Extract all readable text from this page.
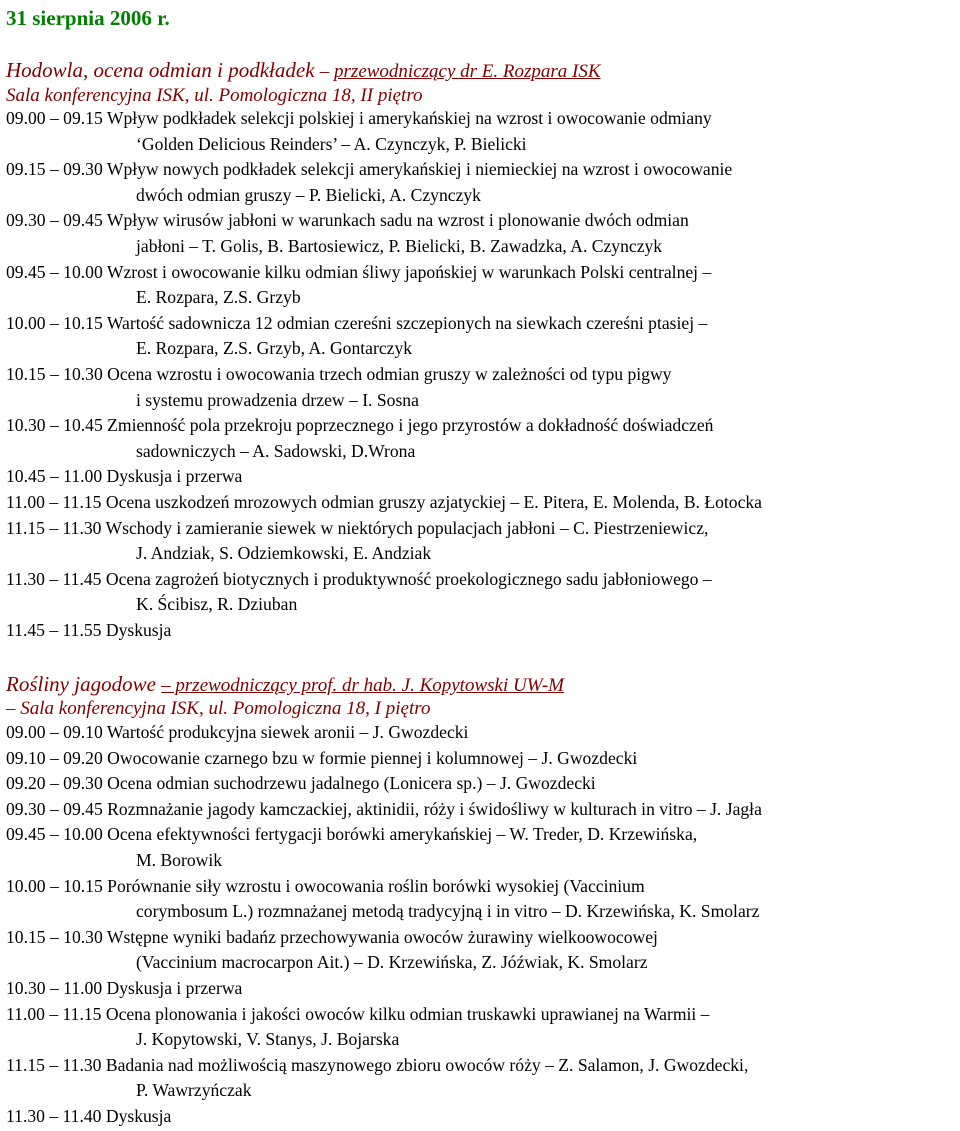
31 sierpnia 2006 r.
Hodowla, ocena odmian i podkładek – przewodniczący dr E. Rozpara ISK
Sala konferencyjna ISK, ul. Pomologiczna 18, II piętro
09.00 – 09.15 Wpływ podkładek selekcji polskiej i amerykańskiej na wzrost i owocowanie odmiany
‘Golden Delicious Reinders’ – A. Czynczyk, P. Bielicki
09.15 – 09.30 Wpływ nowych podkładek selekcji amerykańskiej i niemieckiej na wzrost i owocowanie
dwóch odmian gruszy – P. Bielicki, A. Czynczyk
09.30 – 09.45 Wpływ wirusów jabłoni w warunkach sadu na wzrost i plonowanie dwóch odmian
jabłoni – T. Golis, B. Bartosiewicz, P. Bielicki, B. Zawadzka, A. Czynczyk
09.45 – 10.00 Wzrost i owocowanie kilku odmian śliwy japońskiej w warunkach Polski centralnej –
E. Rozpara, Z.S. Grzyb
10.00 – 10.15 Wartość sadownicza 12 odmian czereśni szczepionych na siewkach czereśni ptasiej –
E. Rozpara, Z.S. Grzyb, A. Gontarczyk
10.15 – 10.30 Ocena wzrostu i owocowania trzech odmian gruszy w zależności od typu pigwy
i systemu prowadzenia drzew – I. Sosna
10.30 – 10.45 Zmienność pola przekroju poprzecznego i jego przyrostów a dokładność doświadczeń
sadowniczych – A. Sadowski, D.Wrona
10.45 – 11.00 Dyskusja i przerwa
11.00 – 11.15 Ocena uszkodzeń mrozowych odmian gruszy azjatyckiej – E. Pitera, E. Molenda, B. Łotocka
11.15 – 11.30 Wschody i zamieranie siewek w niektórych populacjach jabłoni – C. Piestrzeniewicz,
J. Andziak, S. Odziemkowski, E. Andziak
11.30 – 11.45 Ocena zagrożeń biotycznych i produktywność proekologicznego sadu jabłoniowego –
K. Ścibisz, R. Dziuban
11.45 – 11.55 Dyskusja
Rośliny jagodowe – przewodniczący prof. dr hab. J. Kopytowski UW-M
– Sala konferencyjna ISK, ul. Pomologiczna 18, I piętro
09.00 – 09.10 Wartość produkcyjna siewek aronii – J. Gwozdecki
09.10 – 09.20 Owocowanie czarnego bzu w formie piennej i kolumnowej – J. Gwozdecki
09.20 – 09.30 Ocena odmian suchodrzewu jadalnego (Lonicera sp.) – J. Gwozdecki
09.30 – 09.45 Rozmnażanie jagody kamczackiej, aktinidii, róży i świdośliwy w kulturach in vitro – J. Jagła
09.45 – 10.00 Ocena efektywności fertygacji borówki amerykańskiej – W. Treder, D. Krzewińska,
M. Borowik
10.00 – 10.15 Porównanie siły wzrostu i owocowania roślin borówki wysokiej (Vaccinium
corymbosum L.) rozmnażanej metodą tradycyjną i in vitro – D. Krzewińska, K. Smolarz
10.15 – 10.30 Wstępne wyniki badańz przechowywania owoców żurawiny wielkoowocowej
(Vaccinium macrocarpon Ait.) – D. Krzewińska, Z. Jóźwiak, K. Smolarz
10.30 – 11.00 Dyskusja i przerwa
11.00 – 11.15 Ocena plonowania i jakości owoców kilku odmian truskawki uprawianej na Warmii –
J. Kopytowski, V. Stanys, J. Bojarska
11.15 – 11.30 Badania nad możliwością maszynowego zbioru owoców róży – Z. Salamon, J. Gwozdecki,
P. Wawrzyńczak
11.30 – 11.40 Dyskusja
